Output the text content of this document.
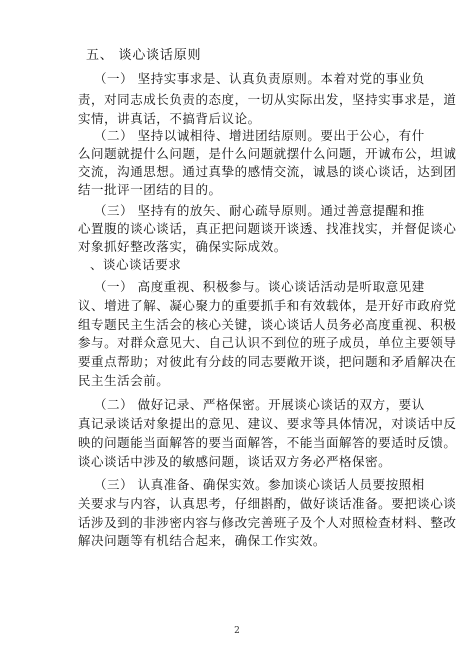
五、 谈心谈话原则
（一） 坚持实事求是、认真负责原则。本着对党的事业负
责，对同志成长负责的态度，一切从实际出发，坚持实事求是，道
实情，讲真话，不搞背后议论。
（二） 坚持以诚相待、增进团结原则。要出于公心，有什
么问题就提什么问题，是什么问题就摆什么问题，开诚布公，坦诚
交流，沟通思想。通过真挚的感情交流，诚恳的谈心谈话，达到团
结一批评一团结的目的。
（三） 坚持有的放矢、耐心疏导原则。通过善意提醒和推
心置腹的谈心谈话，真正把问题谈开谈透、找准找实，并督促谈心
对象抓好整改落实，确保实际成效。
、谈心谈话要求
（一） 高度重视、积极参与。谈心谈话活动是听取意见建
议、增进了解、凝心聚力的重要抓手和有效载体，是开好市政府党
组专题民主生活会的核心关键，谈心谈话人员务必高度重视、积极
参与。对群众意见大、自己认识不到位的班子成员，单位主要领导
要重点帮助；对彼此有分歧的同志要敞开谈，把问题和矛盾解决在
民主生活会前。
（二） 做好记录、严格保密。开展谈心谈话的双方，要认
真记录谈话对象提出的意见、建议、要求等具体情况，对谈话中反
映的问题能当面解答的要当面解答，不能当面解答的要适时反馈。
谈心谈话中涉及的敏感问题，谈话双方务必严格保密。
（三） 认真准备、确保实效。参加谈心谈话人员要按照相
关要求与内容，认真思考，仔细斟酌，做好谈话准备。要把谈心谈
话涉及到的非涉密内容与修改完善班子及个人对照检查材料、整改
解决问题等有机结合起来，确保工作实效。
2
